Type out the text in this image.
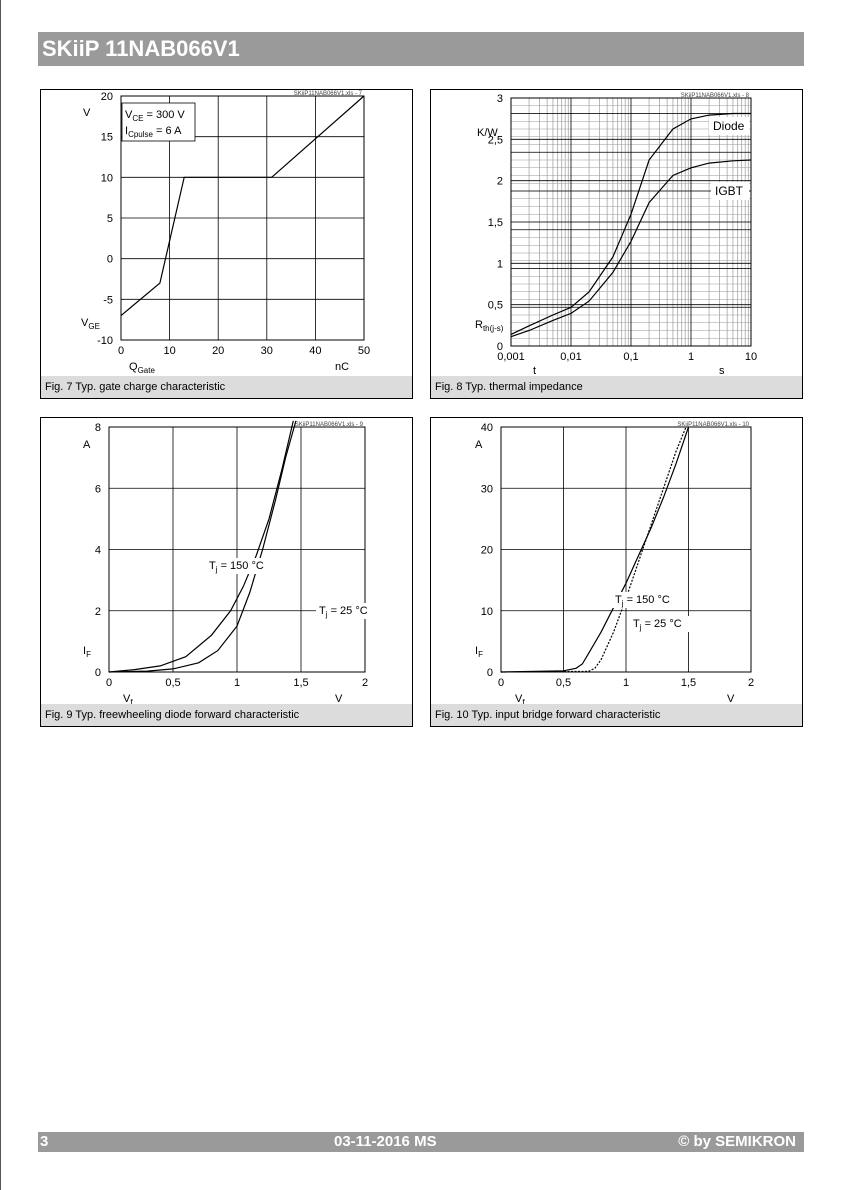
SKiiP 11NAB066V1
SKiiP11NAB066V1.xls - 7
0	10	20	30	40	50
20
15
10
5
0
-5
-10
V
$V_{GE}$
$Q_{Gate}$	nC
$V_{CE} = 300$ V
$I_{Cpulse} = 6$ A
Fig. 7 Typ. gate charge characteristic
SKiiP11NAB066V1.xls - 8
0,001	0,01	0,1	1	10
3
2,5
2
1,5
1
0,5
0
K/W
$R_{th(j-s)}$
t	s
Diode
IGBT
Fig. 8 Typ. thermal impedance
SKiiP11NAB066V1.xls - 9
0	0,5	1	1,5	2
8
6
4
2
0
A
$I_F$
$V_f$	V
$T_j = 150$ °C
$T_j = 25$ °C
Fig. 9 Typ. freewheeling diode forward characteristic
SKiiP11NAB066V1.xls - 10
0	0,5	1	1,5	2
40
30
20
10
0
A
$I_F$
$V_f$	V
$T_j = 150$ °C
$T_j = 25$ °C
Fig. 10 Typ. input bridge forward characteristic
3	03-11-2016 MS	© by SEMIKRON
